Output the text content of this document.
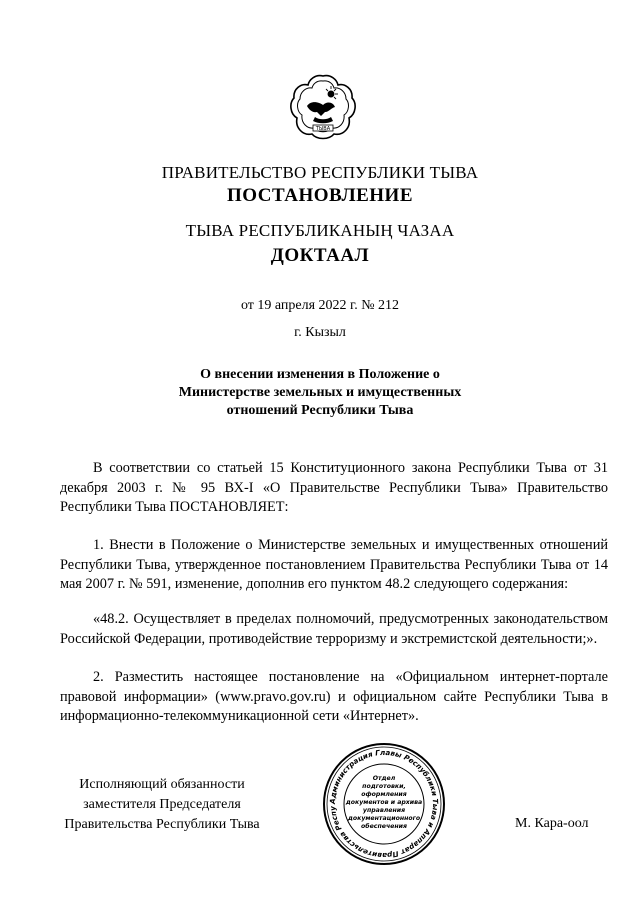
ТЫВА
ПРАВИТЕЛЬСТВО РЕСПУБЛИКИ ТЫВА
ПОСТАНОВЛЕНИЕ
ТЫВА РЕСПУБЛИКАНЫҢ ЧАЗАА
ДОКТААЛ
от 19 апреля 2022 г. № 212
г. Кызыл
О внесении изменения в Положение о
Министерстве земельных и имущественных
отношений Республики Тыва

В соответствии со статьей 15 Конституционного закона Республики Тыва от 31 декабря 2003 г. № 95 ВХ-I «О Правительстве Республики Тыва» Правительство Республики Тыва ПОСТАНОВЛЯЕТ:

1. Внести в Положение о Министерстве земельных и имущественных отношений Республики Тыва, утвержденное постановлением Правительства Республики Тыва от 14 мая 2007 г. № 591, изменение, дополнив его пунктом 48.2 следующего содержания:

«48.2. Осуществляет в пределах полномочий, предусмотренных законодательством Российской Федерации, противодействие терроризму и экстремистской деятельности;».

2. Разместить настоящее постановление на «Официальном интернет-портале правовой информации» (www.pravo.gov.ru) и официальном сайте Республики Тыва в информационно-телекоммуникационной сети «Интернет».

Исполняющий обязанности
заместителя Председателя
Правительства Республики Тыва	М. Кара-оол
Администрация Главы Республики Тыва и Аппарат Правительства Респу
Отдел
подготовки,
оформления
документов и архива
управления
документационного
обеспечения
